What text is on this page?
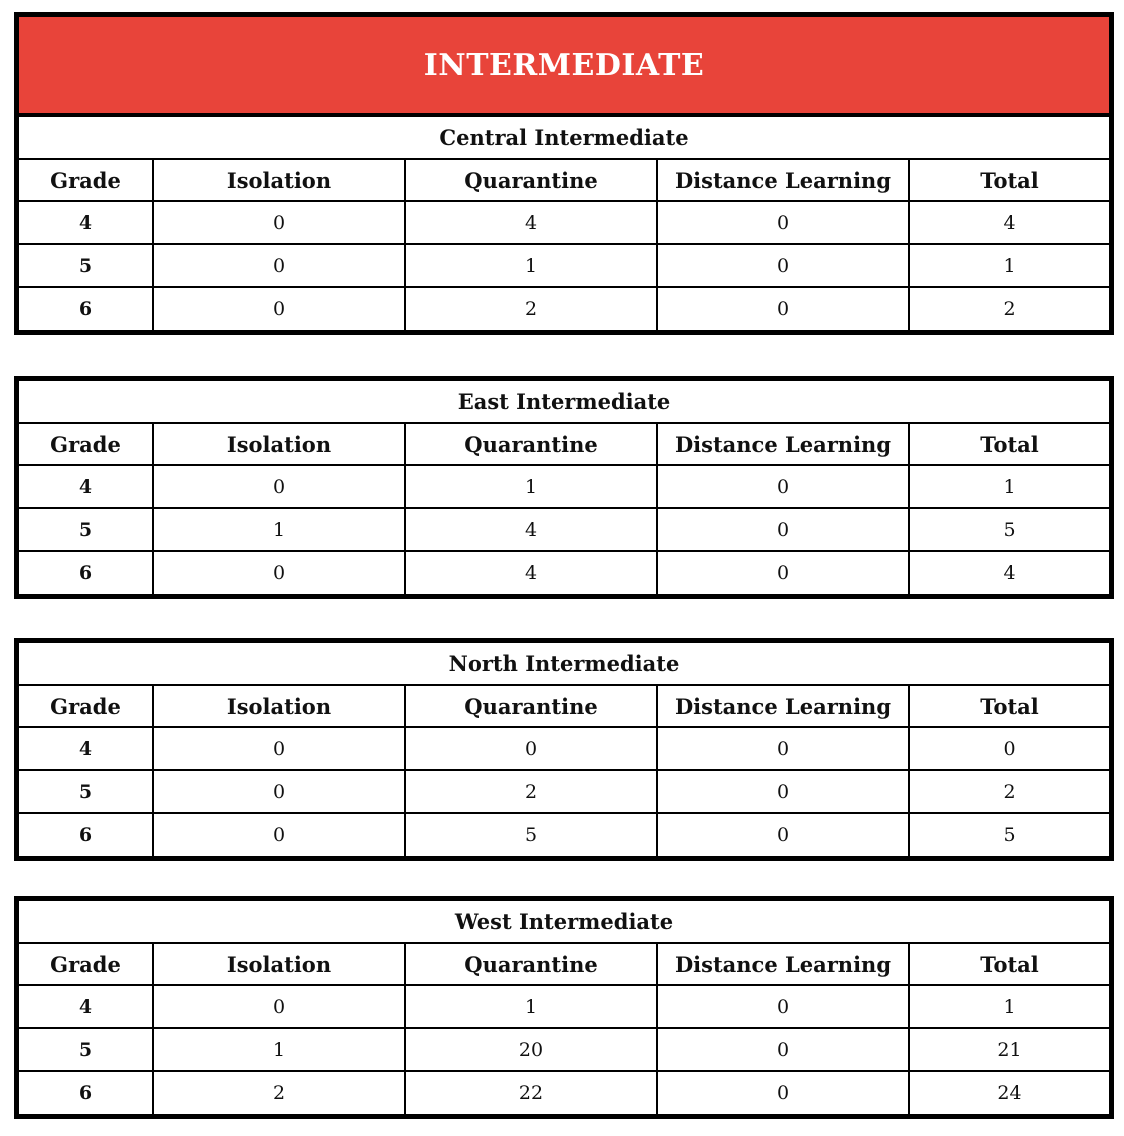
INTERMEDIATE
Central Intermediate				
Grade	Isolation	Quarantine	Distance Learning	Total
4	0	4	0	4
5	0	1	0	1
6	0	2	0	2
East Intermediate				
Grade	Isolation	Quarantine	Distance Learning	Total
4	0	1	0	1
5	1	4	0	5
6	0	4	0	4
North Intermediate				
Grade	Isolation	Quarantine	Distance Learning	Total
4	0	0	0	0
5	0	2	0	2
6	0	5	0	5
West Intermediate				
Grade	Isolation	Quarantine	Distance Learning	Total
4	0	1	0	1
5	1	20	0	21
6	2	22	0	24
